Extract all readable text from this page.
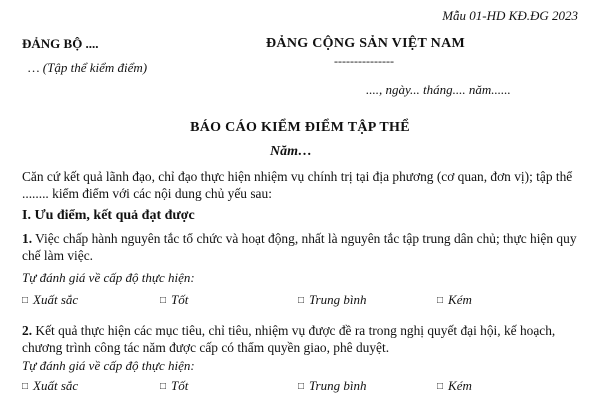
Mẫu 01-HD KĐ.ĐG 2023
ĐẢNG BỘ ....	ĐẢNG CỘNG SẢN VIỆT NAM
---------------
… (Tập thể kiểm điểm)
...., ngày... tháng.... năm......
BÁO CÁO KIỂM ĐIỂM TẬP THỂ
Năm…
Căn cứ kết quả lãnh đạo, chỉ đạo thực hiện nhiệm vụ chính trị tại địa phương (cơ quan, đơn vị); tập thể ........ kiểm điểm với các nội dung chủ yếu sau:
I. Ưu điểm, kết quả đạt được
1. Việc chấp hành nguyên tắc tổ chức và hoạt động, nhất là nguyên tắc tập trung dân chủ; thực hiện quy chế làm việc.
Tự đánh giá về cấp độ thực hiện:
□ Xuất sắc	□ Tốt	□ Trung bình	□ Kém
2. Kết quả thực hiện các mục tiêu, chỉ tiêu, nhiệm vụ được đề ra trong nghị quyết đại hội, kế hoạch, chương trình công tác năm được cấp có thẩm quyền giao, phê duyệt.
Tự đánh giá về cấp độ thực hiện:
□ Xuất sắc	□ Tốt	□ Trung bình	□ Kém
